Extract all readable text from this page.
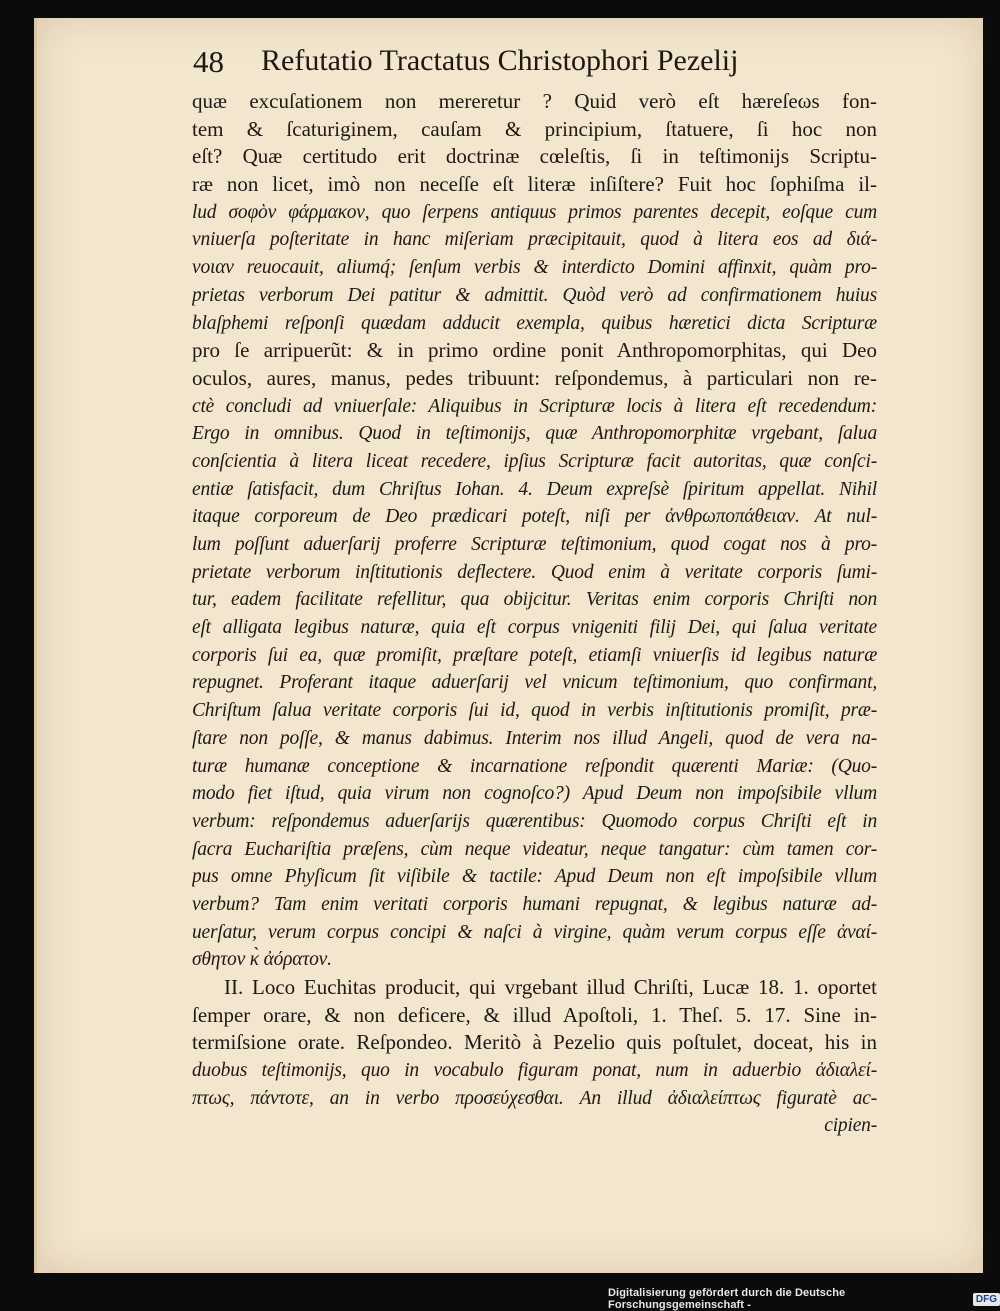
48 Refutatio Tractatus Christophori Pezelij
quæ excuſationem non mereretur ? Quid verò eſt hæreſeωs fon-
tem & ſcaturiginem, cauſam & principium, ſtatuere, ſi hoc non
eſt? Quæ certitudo erit doctrinæ cœleſtis, ſi in teſtimonijs Scriptu-
ræ non licet, imò non neceſſe eſt literæ inſiſtere? Fuit hoc ſophiſma il-
lud σοφὸν φάρμακον, quo ſerpens antiquus primos parentes decepit, eoſque cum
vniuerſa poſteritate in hanc miſeriam præcipitauit, quod à litera eos ad διά-
νοιαν reuocauit, aliumq́; ſenſum verbis & interdicto Domini affinxit, quàm pro-
prietas verborum Dei patitur & admittit. Quòd verò ad confirmationem huius
blaſphemi reſponſi quædam adducit exempla, quibus hæretici dicta Scripturæ
pro ſe arripuerũt: & in primo ordine ponit Anthropomorphitas, qui Deo
oculos, aures, manus, pedes tribuunt: reſpondemus, à particulari non re-
ctè concludi ad vniuerſale: Aliquibus in Scripturæ locis à litera eſt recedendum:
Ergo in omnibus. Quod in teſtimonijs, quæ Anthropomorphitæ vrgebant, ſalua
conſcientia à litera liceat recedere, ipſius Scripturæ facit autoritas, quæ conſci-
entiæ ſatisfacit, dum Chriſtus Iohan. 4. Deum expreſsè ſpiritum appellat. Nihil
itaque corporeum de Deo prædicari poteſt, niſi per ἀνθρωποπάθειαν. At nul-
lum poſſunt aduerſarij proferre Scripturæ teſtimonium, quod cogat nos à pro-
prietate verborum inſtitutionis deflectere. Quod enim à veritate corporis ſumi-
tur, eadem facilitate refellitur, qua obijcitur. Veritas enim corporis Chriſti non
eſt alligata legibus naturæ, quia eſt corpus vnigeniti filij Dei, qui ſalua veritate
corporis ſui ea, quæ promiſit, præſtare poteſt, etiamſi vniuerſis id legibus naturæ
repugnet. Proferant itaque aduerſarij vel vnicum teſtimonium, quo confirmant,
Chriſtum ſalua veritate corporis ſui id, quod in verbis inſtitutionis promiſit, præ-
ſtare non poſſe, & manus dabimus. Interim nos illud Angeli, quod de vera na-
turæ humanæ conceptione & incarnatione reſpondit quærenti Mariæ: (Quo-
modo fiet iſtud, quia virum non cognoſco?) Apud Deum non impoſsibile vllum
verbum: reſpondemus aduerſarijs quærentibus: Quomodo corpus Chriſti eſt in
ſacra Euchariſtia præſens, cùm neque videatur, neque tangatur: cùm tamen cor-
pus omne Phyſicum ſit viſibile & tactile: Apud Deum non eſt impoſsibile vllum
verbum? Tam enim veritati corporis humani repugnat, & legibus naturæ ad-
uerſatur, verum corpus concipi & naſci à virgine, quàm verum corpus eſſe ἀναί-
σθητον κ̀ ἀόρατον.
II. Loco Euchitas producit, qui vrgebant illud Chriſti, Lucæ 18. 1. oportet
ſemper orare, & non deficere, & illud Apoſtoli, 1. Theſ. 5. 17. Sine in-
termiſsione orate. Reſpondeo. Meritò à Pezelio quis poſtulet, doceat, his in
duobus teſtimonijs, quo in vocabulo figuram ponat, num in aduerbio ἀδιαλεί-
πτως, πάντοτε, an in verbo προσεύχεσθαι. An illud ἀδιαλείπτως figuratè ac-
cipien-
Digitalisierung gefördert durch die Deutsche Forschungsgemeinschaft -	DFG
